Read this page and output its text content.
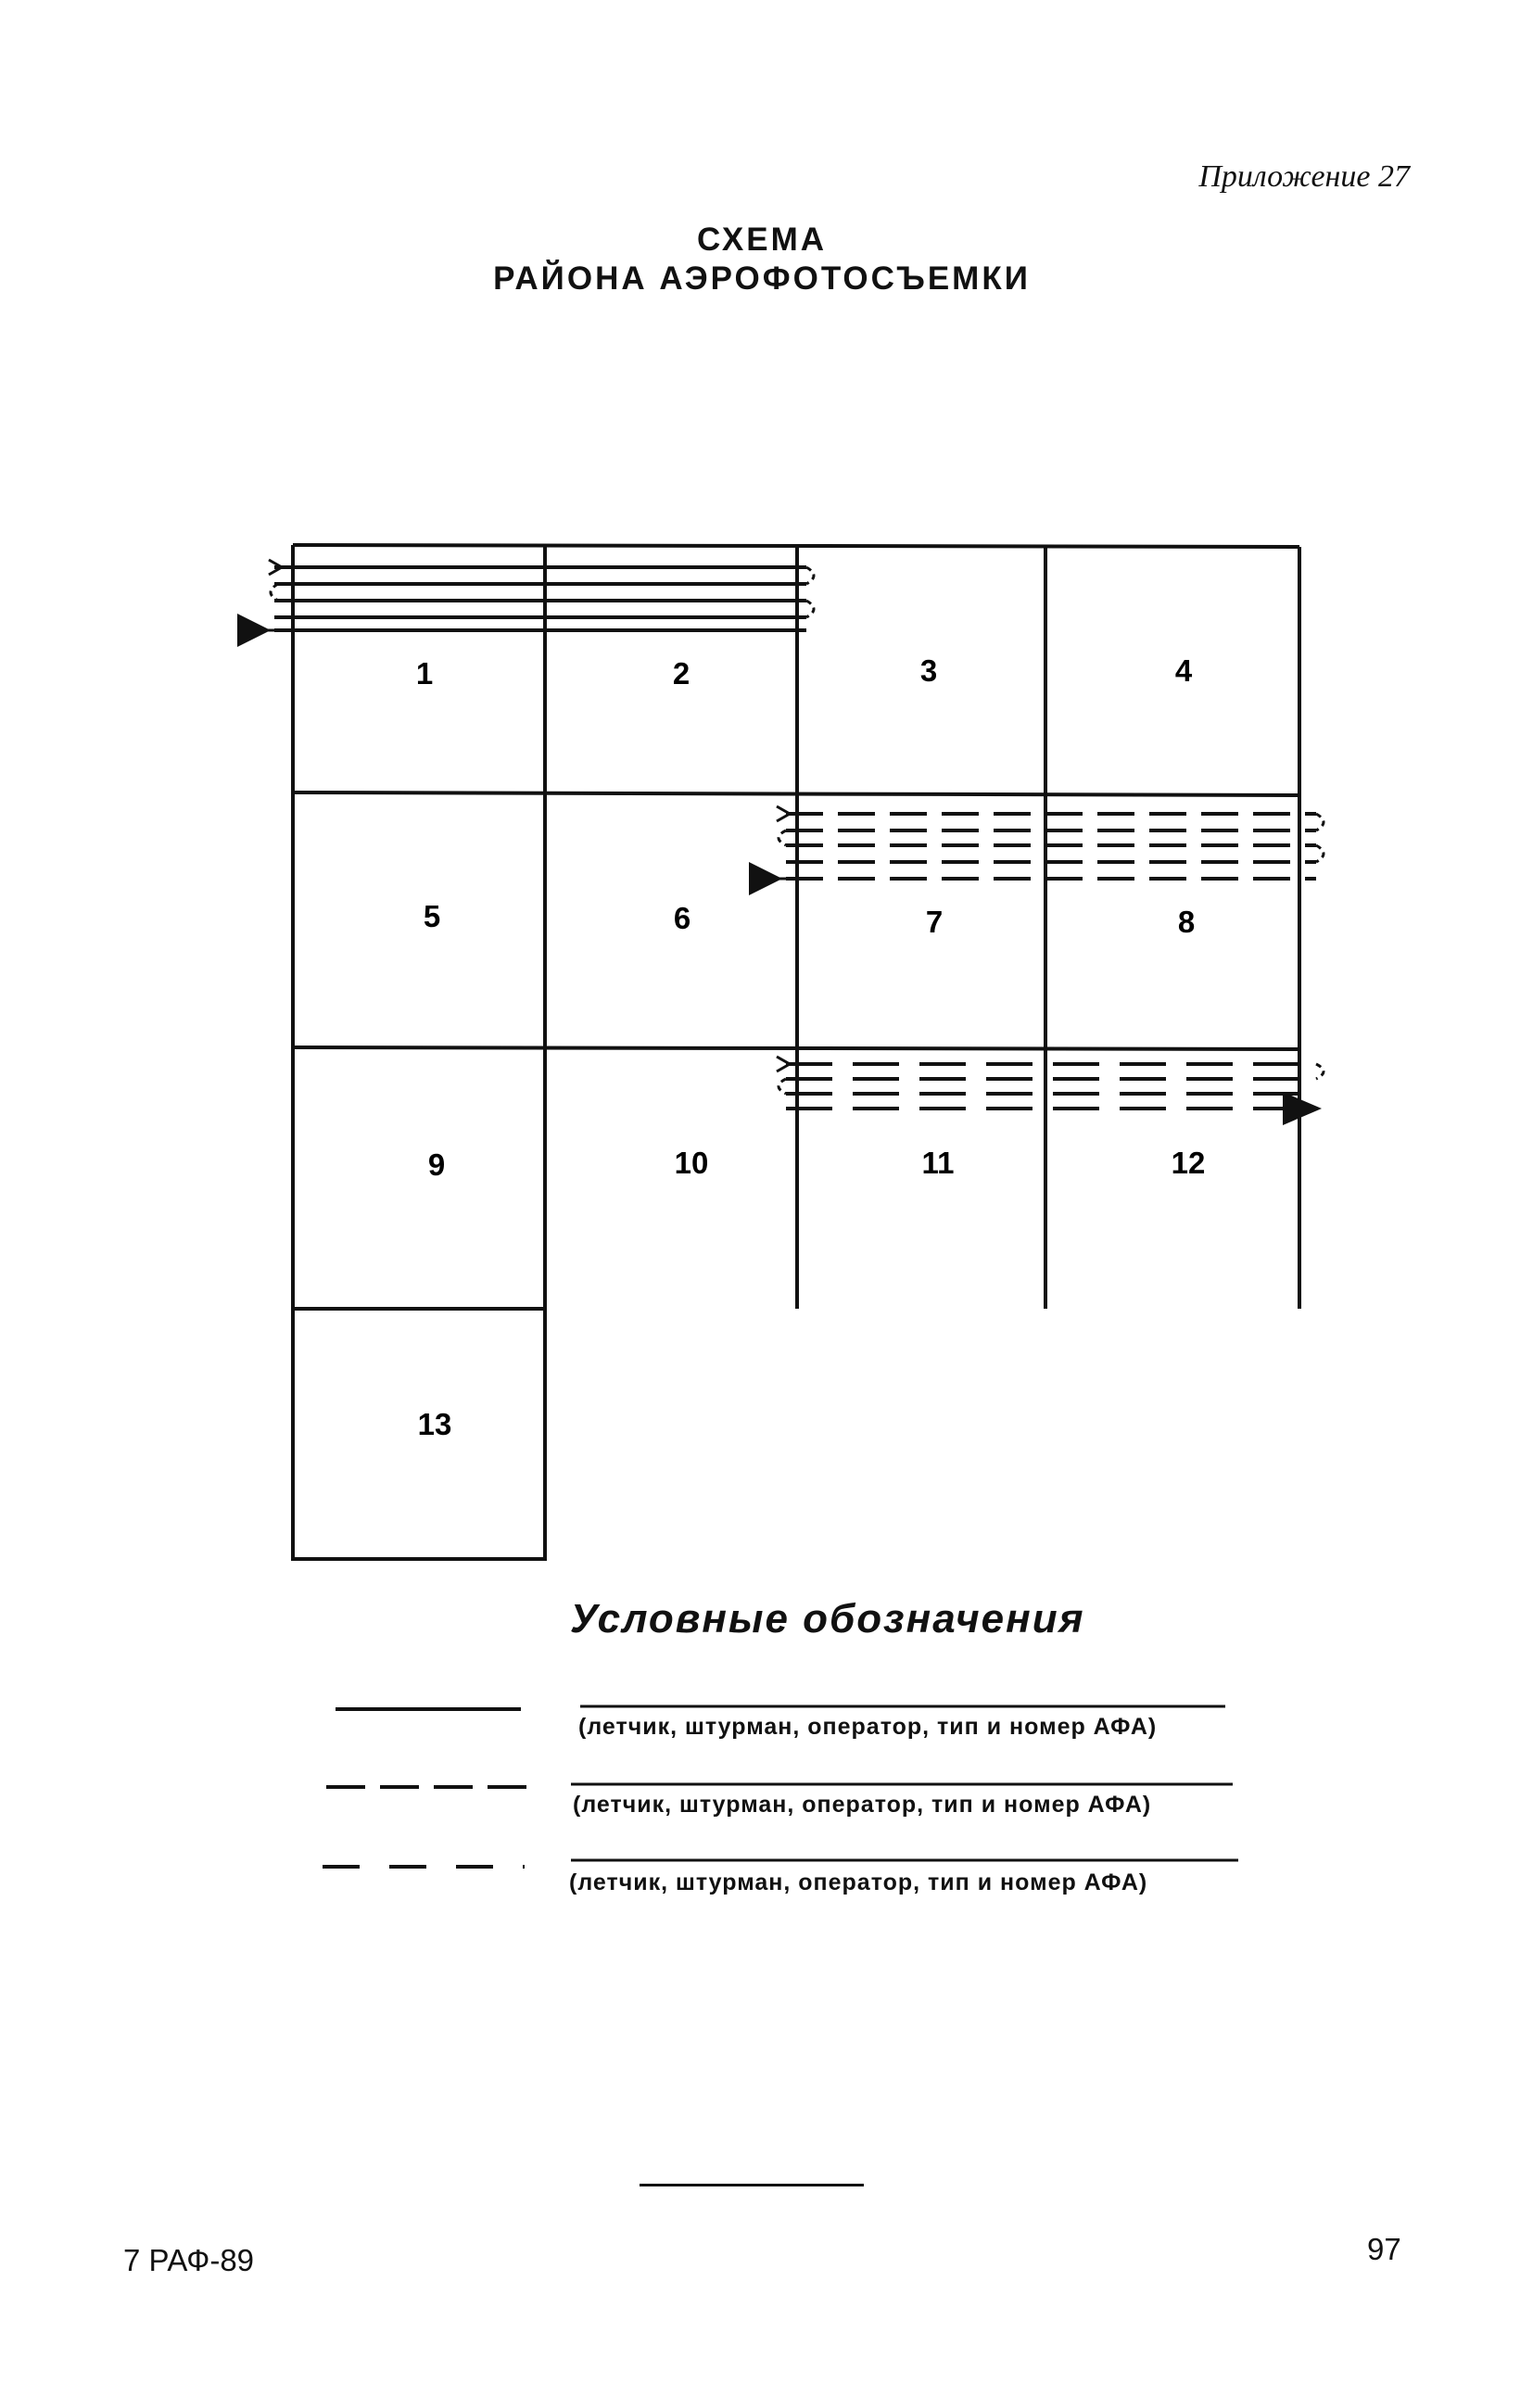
Приложение 27
СХЕМА
РАЙОНА АЭРОФОТОСЪЕМКИ
1	2	3	4
5	6	7	8
9	10	11	12
13
Условные обозначения
(летчик, штурман, оператор, тип и номер АФА)
(летчик, штурман, оператор, тип и номер АФА)
(летчик, штурман, оператор, тип и номер АФА)
7 РАФ-89	97
